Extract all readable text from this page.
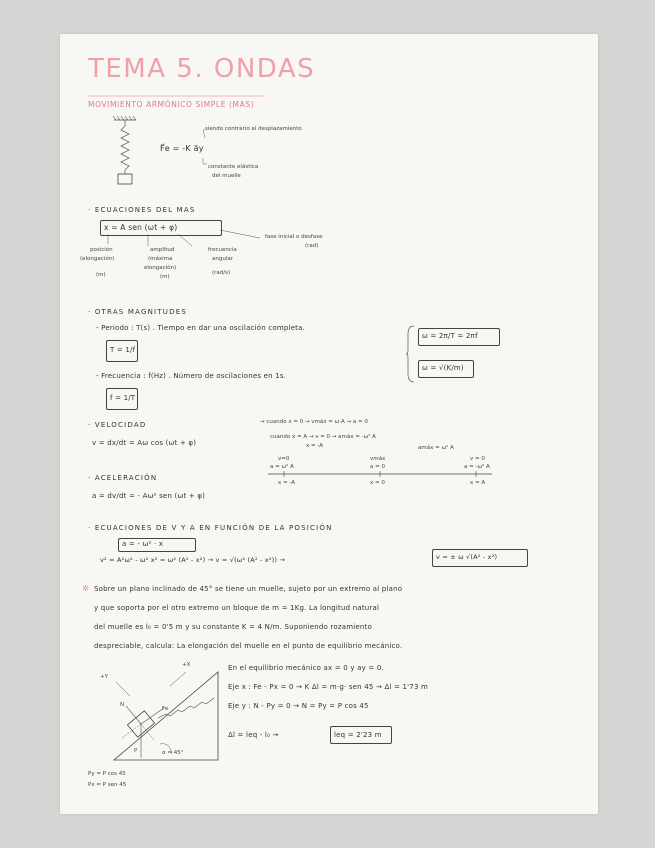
TEMA 5. ONDAS
MOVIMIENTO ARMÓNICO SIMPLE (MAS)
F⃗e = -K a⃗y
siendo contrario al desplazamiento
constante elástica
del muelle
· ECUACIONES DEL MAS
x = A sen (ωt + φ)
fase inicial o desfase
(rad)
posición
(elongación)
(m)
amplitud
(máxima
elongación)
(m)
frecuencia
angular
(rad/s)
· OTRAS MAGNITUDES
- Periodo : T(s) . Tiempo en dar una oscilación completa.
T = 1/f
- Frecuencia : f(Hz) . Número de oscilaciones en 1s.
f = 1/T
ω = 2π/T = 2πf
ω = √(K/m)
· VELOCIDAD
v = dx/dt = Aω cos (ωt + φ)
→ cuando x = 0 → vmáx = ω·A → a = 0
cuando x = A → v = 0 → amáx = -ω² A
x = -A	amáx = ω² A
v=0
a = ω² A
vmáx
a = 0
v = 0
a = -ω² A
x = -A	x = 0	x = A
· ACELERACIÓN
a = dv/dt = - Aω² sen (ωt + φ)
· ECUACIONES DE V Y A EN FUNCIÓN DE LA POSICIÓN
a = - ω² · x
v² = A²ω² - ω² x² = ω² (A² - x²) → v = √(ω² (A² - x²)) →	v = ± ω √(A² - x²)
✲ Sobre un plano inclinado de 45° se tiene un muelle, sujeto por un extremo al plano
y que soporta por el otro extremo un bloque de m = 1Kg. La longitud natural
del muelle es l₀ = 0'5 m y su constante K = 4 N/m. Suponiendo rozamiento
despreciable, calcula: La elongación del muelle en el punto de equilibrio mecánico.
+X
+Y
N
Fe
P	α = 45°
Py = P cos 45
Px = P sen 45
En el equilibrio mecánico ax = 0 y ay = 0.
Eje x : Fe - Px = 0 → K Δl = m·g· sen 45 → Δl = 1'73 m
Eje y : N - Py = 0 → N = Py = P cos 45
Δl = leq - l₀ →	leq = 2'23 m
